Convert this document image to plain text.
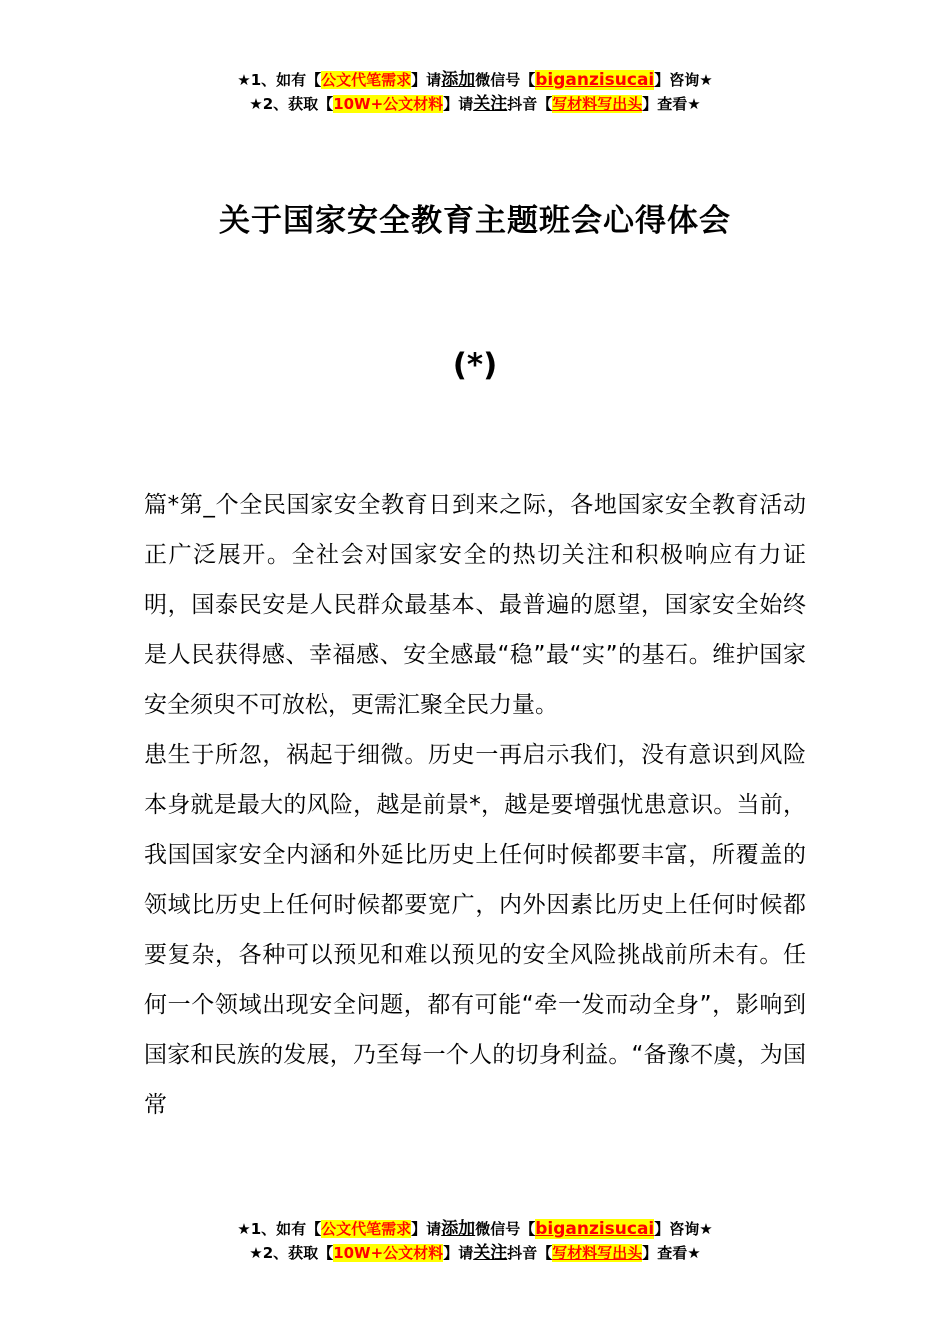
★1、如有【公文代笔需求】请添加微信号【biganzisucai】咨询★
★2、获取【10W+公文材料】请关注抖音【写材料写出头】查看★
关于国家安全教育主题班会心得体会
(*)

篇*第_个全民国家安全教育日到来之际，各地国家安全教育活动正广泛展开。全社会对国家安全的热切关注和积极响应有力证明，国泰民安是人民群众最基本、最普遍的愿望，国家安全始终是人民获得感、幸福感、安全感最“稳”最“实”的基石。维护国家安全须臾不可放松，更需汇聚全民力量。

患生于所忽，祸起于细微。历史一再启示我们，没有意识到风险本身就是最大的风险，越是前景*，越是要增强忧患意识。当前，我国国家安全内涵和外延比历史上任何时候都要丰富，所覆盖的领域比历史上任何时候都要宽广，内外因素比历史上任何时候都要复杂，各种可以预见和难以预见的安全风险挑战前所未有。任何一个领域出现安全问题，都有可能“牵一发而动全身”，影响到国家和民族的发展，乃至每一个人的切身利益。“备豫不虞，为国常

★1、如有【公文代笔需求】请添加微信号【biganzisucai】咨询★
★2、获取【10W+公文材料】请关注抖音【写材料写出头】查看★
